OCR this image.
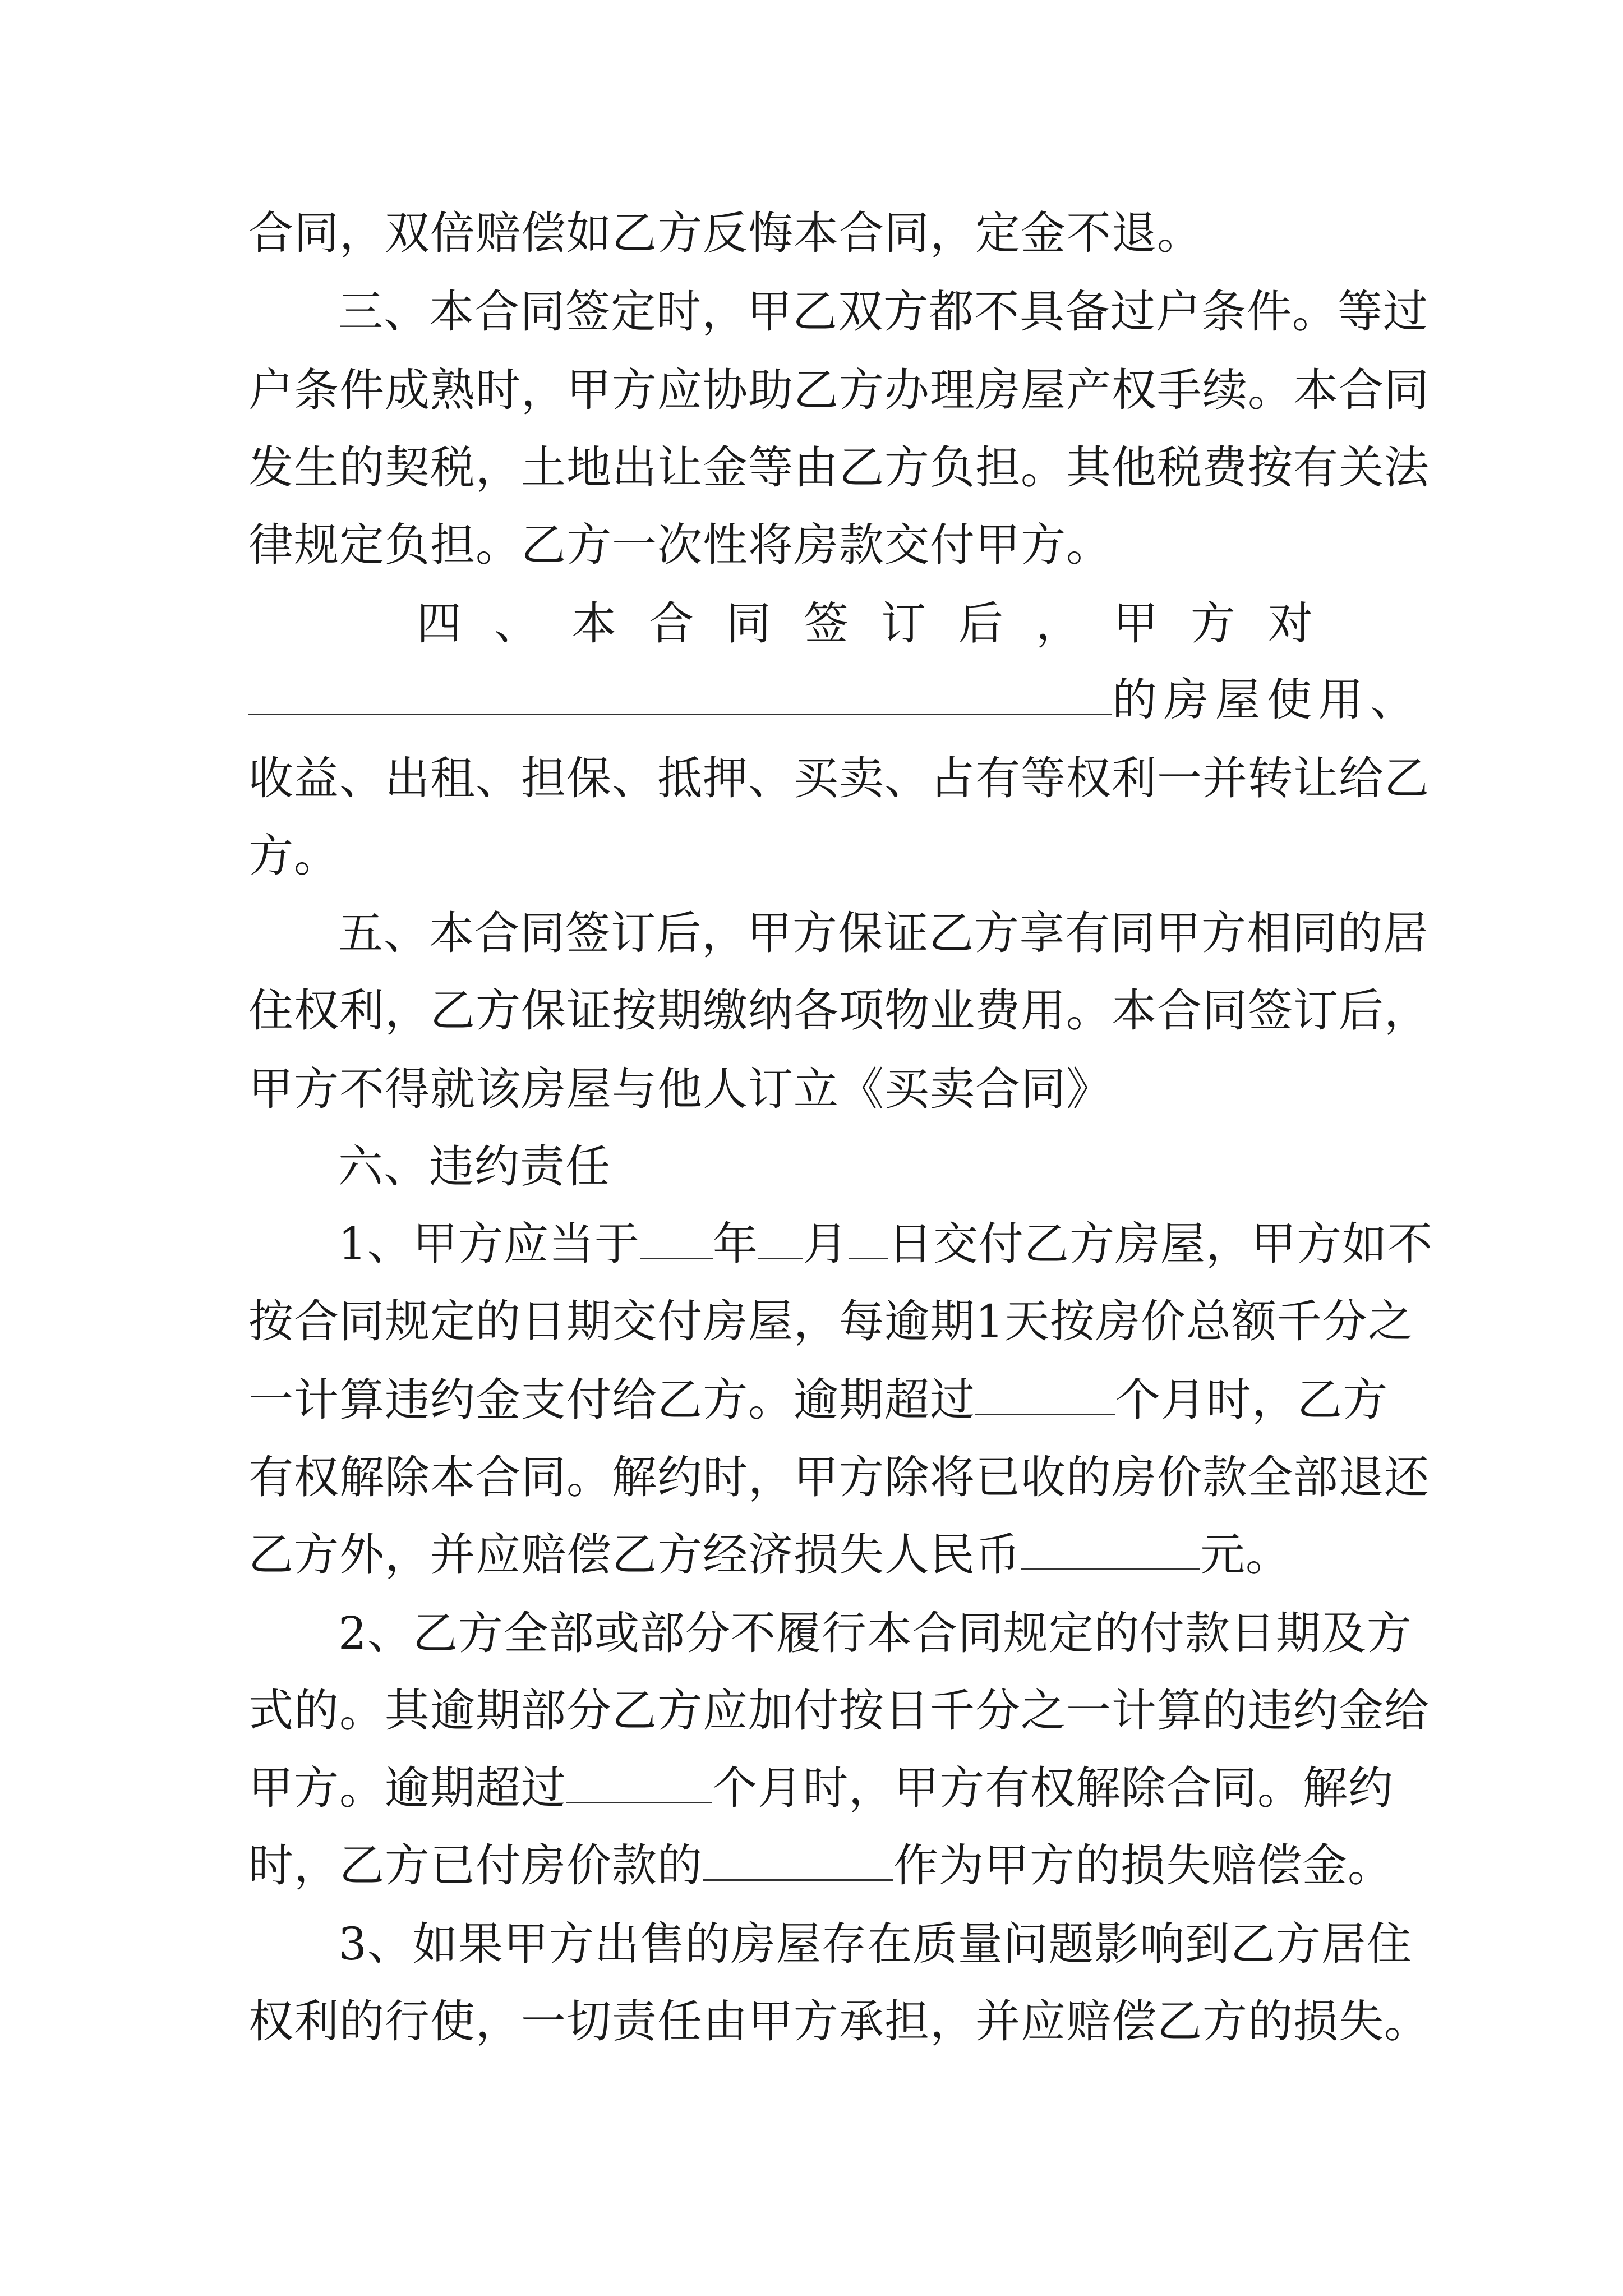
合同，双倍赔偿如乙方反悔本合同，定金不退。
三、本合同签定时，甲乙双方都不具备过户条件。等过
户条件成熟时，甲方应协助乙方办理房屋产权手续。本合同
发生的契税，土地出让金等由乙方负担。其他税费按有关法
律规定负担。乙方一次性将房款交付甲方。
四、本合同签订后，甲方对
的房屋使用、
收益、出租、担保、抵押、买卖、占有等权利一并转让给乙
方。
五、本合同签订后，甲方保证乙方享有同甲方相同的居
住权利，乙方保证按期缴纳各项物业费用。本合同签订后，
甲方不得就该房屋与他人订立《买卖合同》
六、违约责任
1、甲方应当于 年 月 日交付乙方房屋，甲方如不
按合同规定的日期交付房屋，每逾期1天按房价总额千分之
一计算违约金支付给乙方。逾期超过	个月时，乙方
有权解除本合同。解约时，甲方除将已收的房价款全部退还
乙方外，并应赔偿乙方经济损失人民币	元。
2、乙方全部或部分不履行本合同规定的付款日期及方
式的。其逾期部分乙方应加付按日千分之一计算的违约金给
甲方。逾期超过	个月时，甲方有权解除合同。解约
时，乙方已付房价款的	作为甲方的损失赔偿金。
3、如果甲方出售的房屋存在质量问题影响到乙方居住
权利的行使，一切责任由甲方承担，并应赔偿乙方的损失。
